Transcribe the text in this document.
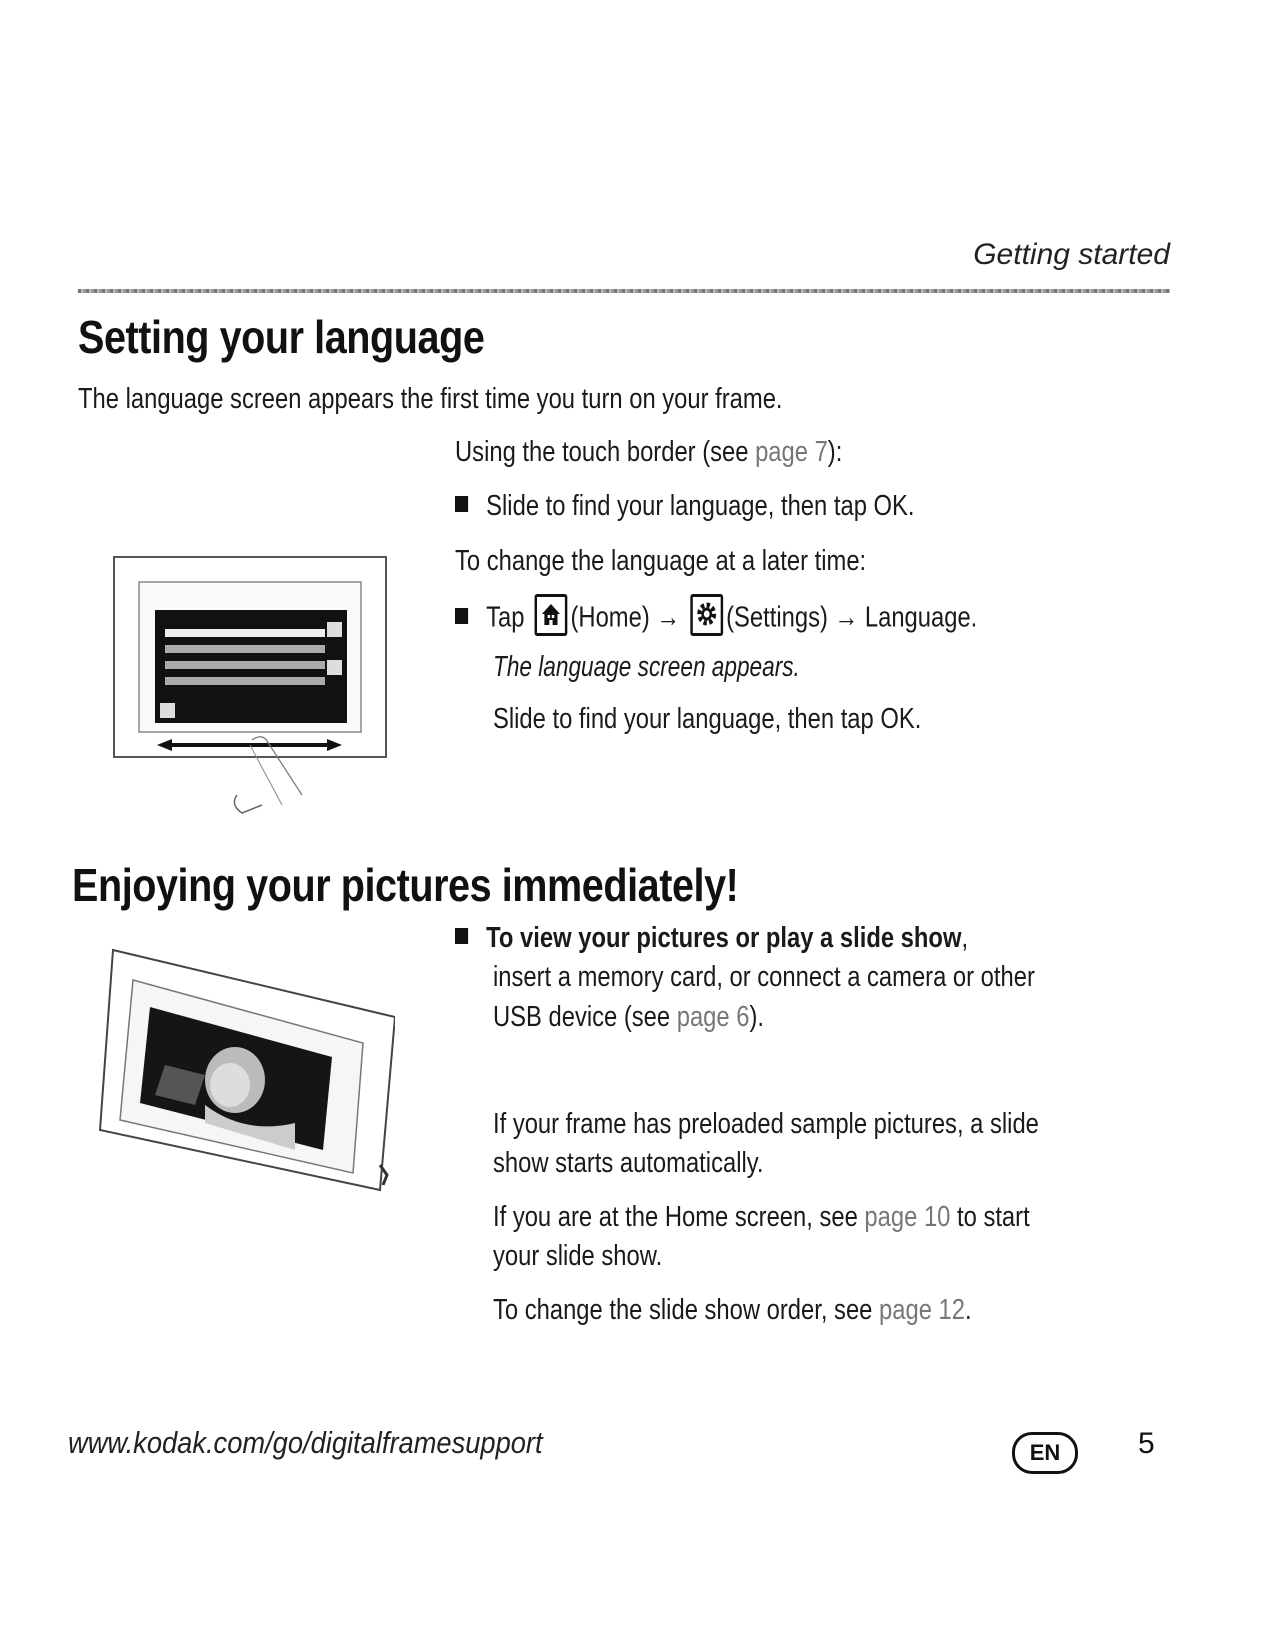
Getting started
Setting your language
The language screen appears the first time you turn on your frame.
Using the touch border (see page 7):
Slide to find your language, then tap OK.
To change the language at a later time:
Tap (Home) → (Settings) → Language.
The language screen appears.
Slide to find your language, then tap OK.
Enjoying your pictures immediately!
To view your pictures or play a slide show,
insert a memory card, or connect a camera or other
USB device (see page 6).
If your frame has preloaded sample pictures, a slide
show starts automatically.
If you are at the Home screen, see page 10 to start
your slide show.
To change the slide show order, see page 12.
www.kodak.com/go/digitalframesupport	EN	5
